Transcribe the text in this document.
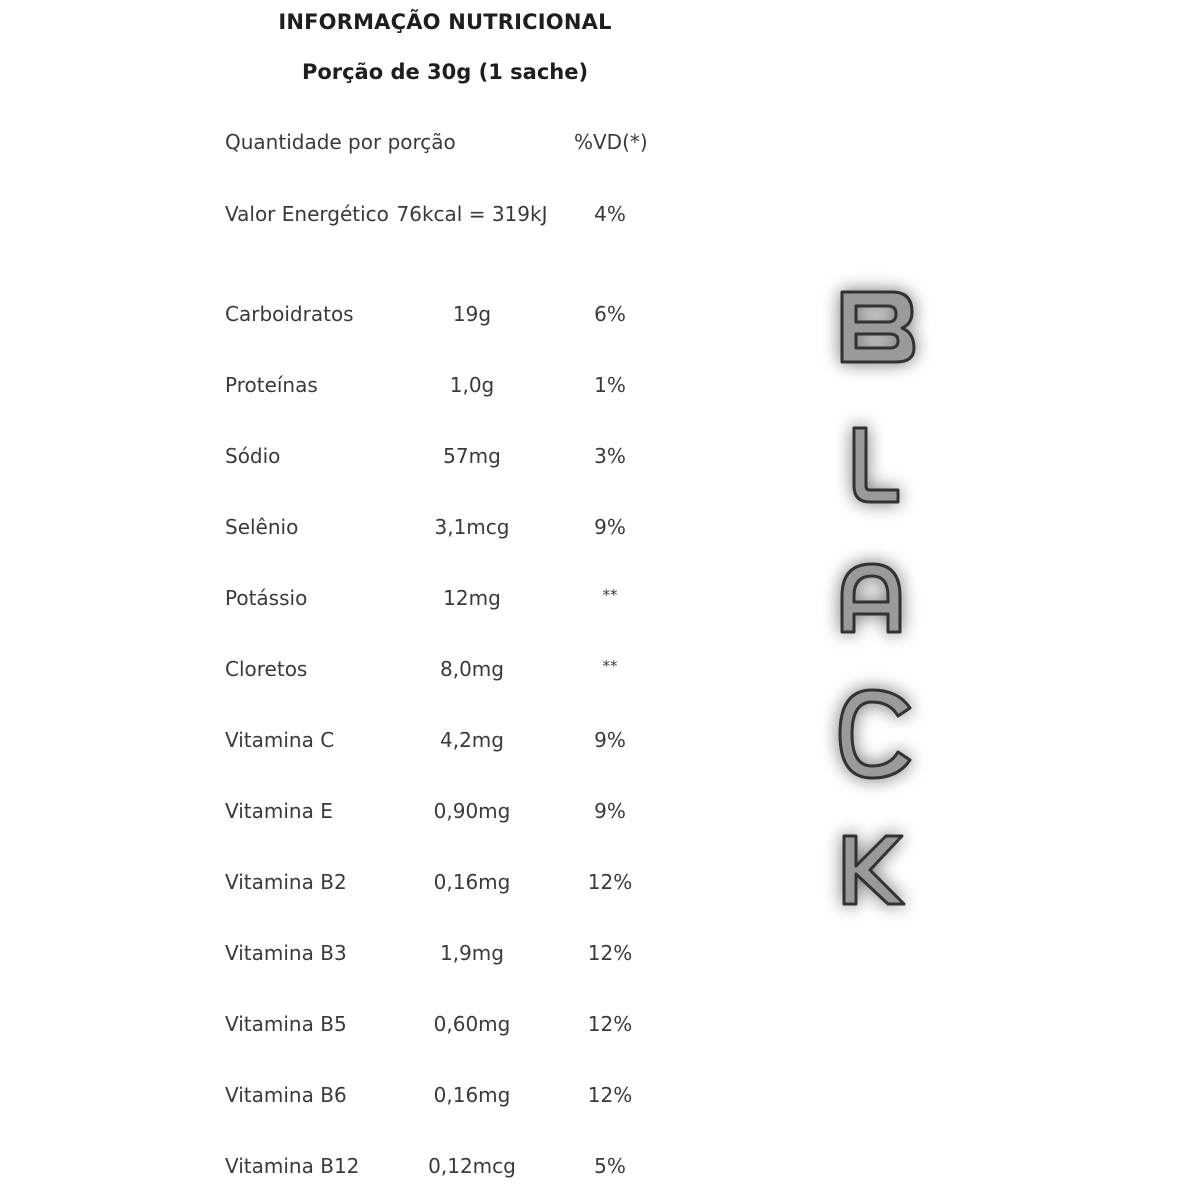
INFORMAÇÃO NUTRICIONAL
Porção de 30g (1 sache)
Quantidade por porção	%VD(*)
Valor Energético 76kcal = 319kJ	4%
Carboidratos	19g	6%
Proteínas	1,0g	1%
Sódio	57mg	3%
Selênio	3,1mcg	9%
Potássio	12mg	**
Cloretos	8,0mg	**
Vitamina C	4,2mg	9%
Vitamina E	0,90mg	9%
Vitamina B2	0,16mg	12%
Vitamina B3	1,9mg	12%
Vitamina B5	0,60mg	12%
Vitamina B6	0,16mg	12%
Vitamina B12	0,12mcg	5%
